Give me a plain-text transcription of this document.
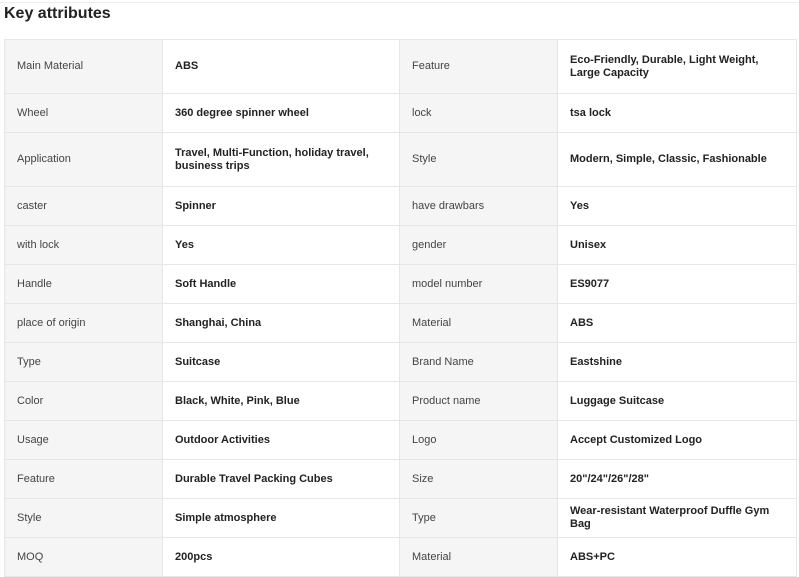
Key attributes
Main Material	ABS	Feature	Eco-Friendly, Durable, Light Weight, Large Capacity
Wheel	360 degree spinner wheel	lock	tsa lock
Application	Travel, Multi-Function, holiday travel, business trips	Style	Modern, Simple, Classic, Fashionable
caster	Spinner	have drawbars	Yes
with lock	Yes	gender	Unisex
Handle	Soft Handle	model number	ES9077
place of origin	Shanghai, China	Material	ABS
Type	Suitcase	Brand Name	Eastshine
Color	Black, White, Pink, Blue	Product name	Luggage Suitcase
Usage	Outdoor Activities	Logo	Accept Customized Logo
Feature	Durable Travel Packing Cubes	Size	20"/24"/26"/28"
Style	Simple atmosphere	Type	Wear-resistant Waterproof Duffle Gym Bag
MOQ	200pcs	Material	ABS+PC
